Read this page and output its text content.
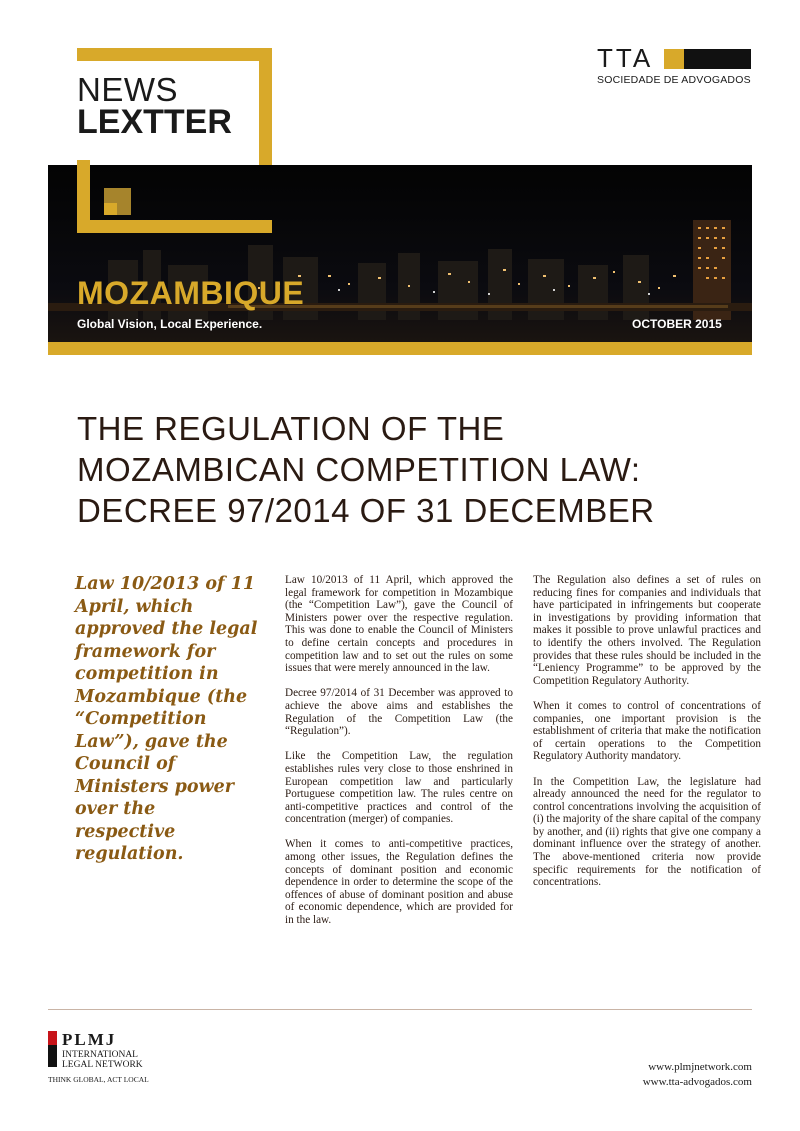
NEWS
LEXTTER
TTA
SOCIEDADE DE ADVOGADOS
MOZAMBIQUE
Global Vision, Local Experience.	OCTOBER 2015
THE REGULATION OF THE
MOZAMBICAN COMPETITION LAW:
DECREE 97/2014 OF 31 DECEMBER
Law 10/2013 of 11 April, which approved the legal framework for competition in Mozambique (the “Competition Law”), gave the Council of Ministers power over the respective regulation.

Law 10/2013 of 11 April, which approved the legal framework for competition in Mozambique (the “Competition Law”), gave the Council of Ministers power over the respective regulation. This was done to enable the Council of Ministers to define certain concepts and procedures in competition law and to set out the rules on some issues that were merely announced in the law.

Decree 97/2014 of 31 December was approved to achieve the above aims and establishes the Regulation of the Competition Law (the “Regulation”).

Like the Competition Law, the regulation establishes rules very close to those enshrined in European competition law and particularly Portuguese competition law. The rules centre on anti-competitive practices and control of the concentration (merger) of companies.

When it comes to anti-competitive practices, among other issues, the Regulation defines the concepts of dominant position and economic dependence in order to determine the scope of the offences of abuse of dominant position and abuse of economic dependence, which are provided for in the law.

The Regulation also defines a set of rules on reducing fines for companies and individuals that have participated in infringements but cooperate in investigations by providing information that makes it possible to prove unlawful practices and to identify the others involved. The Regulation provides that these rules should be included in the “Leniency Programme” to be approved by the Competition Regulatory Authority.

When it comes to control of concentrations of companies, one important provision is the establishment of criteria that make the notification of certain operations to the Competition Regulatory Authority mandatory.

In the Competition Law, the legislature had already announced the need for the regulator to control concentrations involving the acquisition of (i) the majority of the share capital of the company by another, and (ii) rights that give one company a dominant influence over the strategy of another. The above-mentioned criteria now provide specific requirements for the notification of concentrations.

PLMJ
INTERNATIONAL
LEGAL NETWORK
THINK GLOBAL, ACT LOCAL
www.plmjnetwork.com
www.tta-advogados.com
